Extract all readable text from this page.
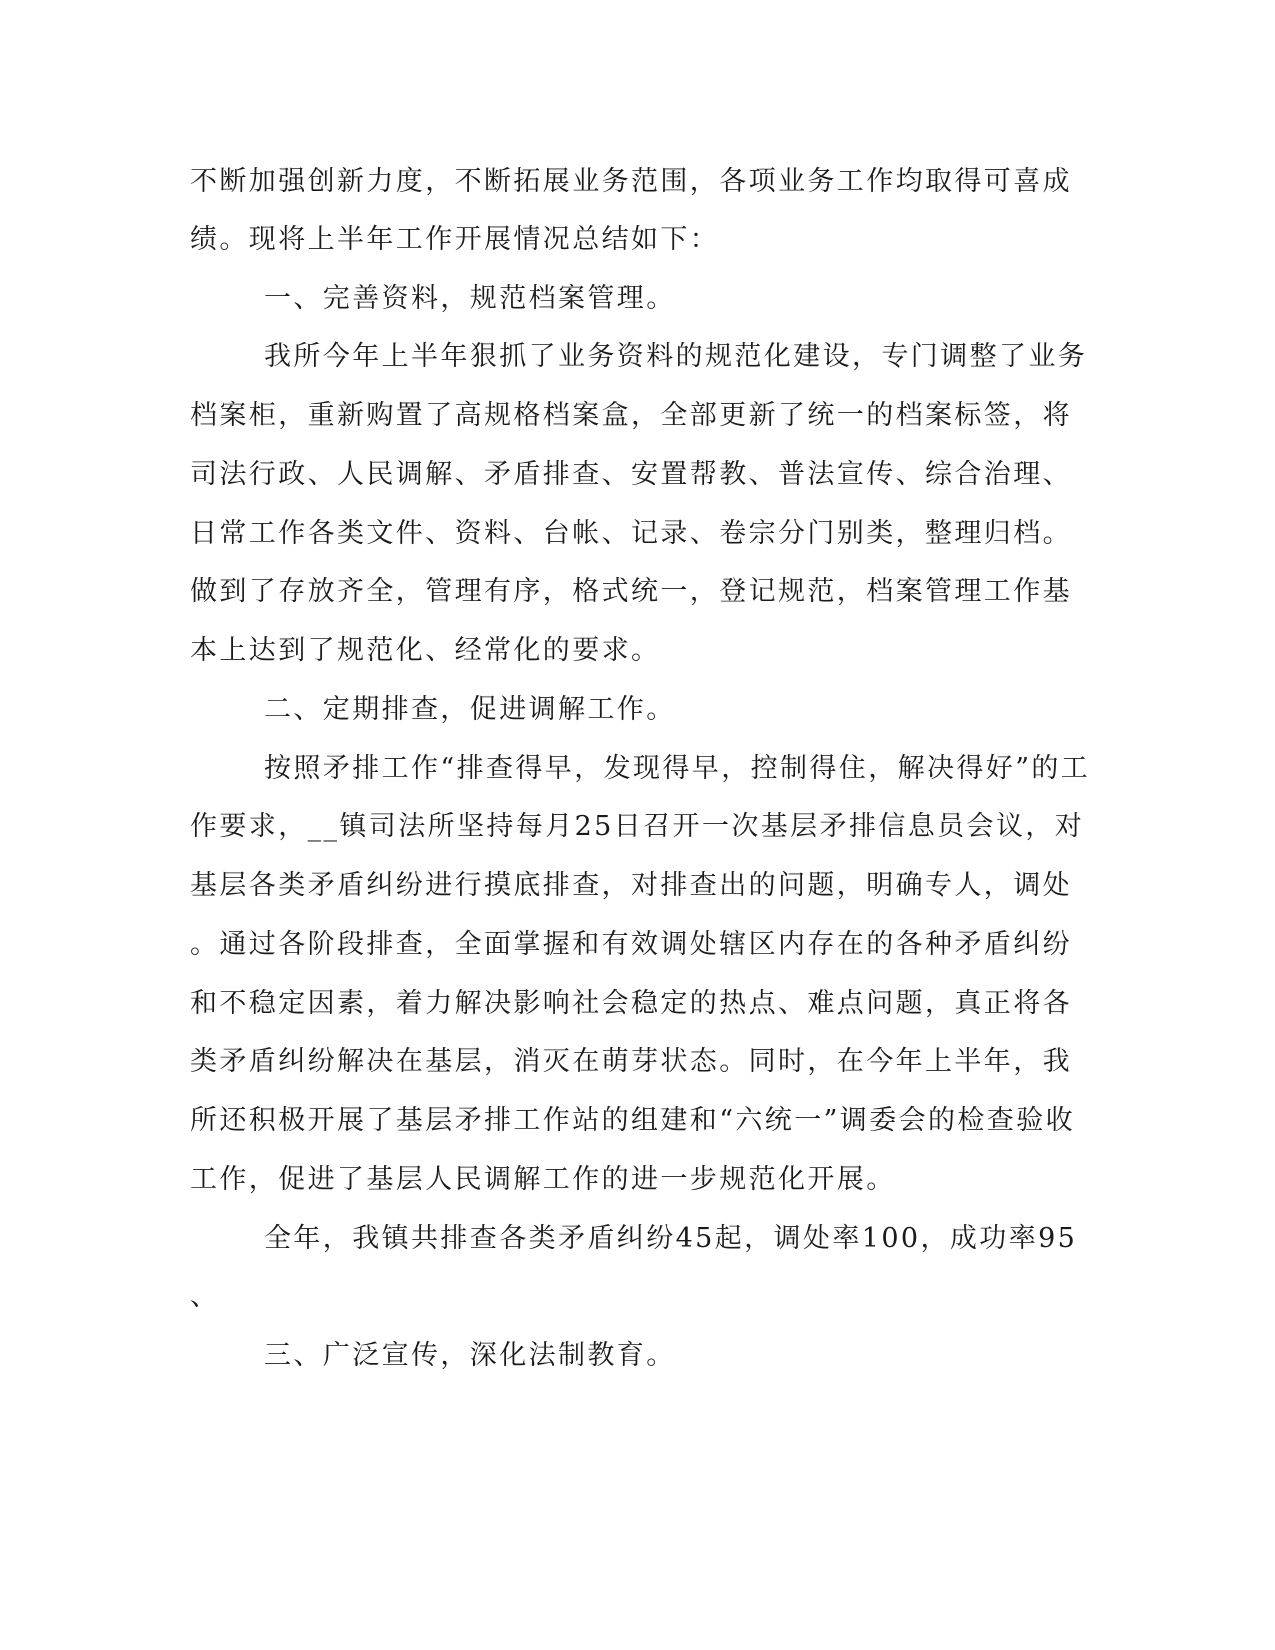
不断加强创新力度，不断拓展业务范围，各项业务工作均取得可喜成
绩。现将上半年工作开展情况总结如下：
一、完善资料，规范档案管理。
我所今年上半年狠抓了业务资料的规范化建设，专门调整了业务
档案柜，重新购置了高规格档案盒，全部更新了统一的档案标签，将
司法行政、人民调解、矛盾排查、安置帮教、普法宣传、综合治理、
日常工作各类文件、资料、台帐、记录、卷宗分门别类，整理归档。
做到了存放齐全，管理有序，格式统一，登记规范，档案管理工作基
本上达到了规范化、经常化的要求。
二、定期排查，促进调解工作。
按照矛排工作“排查得早，发现得早，控制得住，解决得好”的工
作要求，__镇司法所坚持每月25日召开一次基层矛排信息员会议，对
基层各类矛盾纠纷进行摸底排查，对排查出的问题，明确专人，调处
。通过各阶段排查，全面掌握和有效调处辖区内存在的各种矛盾纠纷
和不稳定因素，着力解决影响社会稳定的热点、难点问题，真正将各
类矛盾纠纷解决在基层，消灭在萌芽状态。同时，在今年上半年，我
所还积极开展了基层矛排工作站的组建和“六统一”调委会的检查验收
工作，促进了基层人民调解工作的进一步规范化开展。
全年，我镇共排查各类矛盾纠纷45起，调处率100，成功率95
、
三、广泛宣传，深化法制教育。
